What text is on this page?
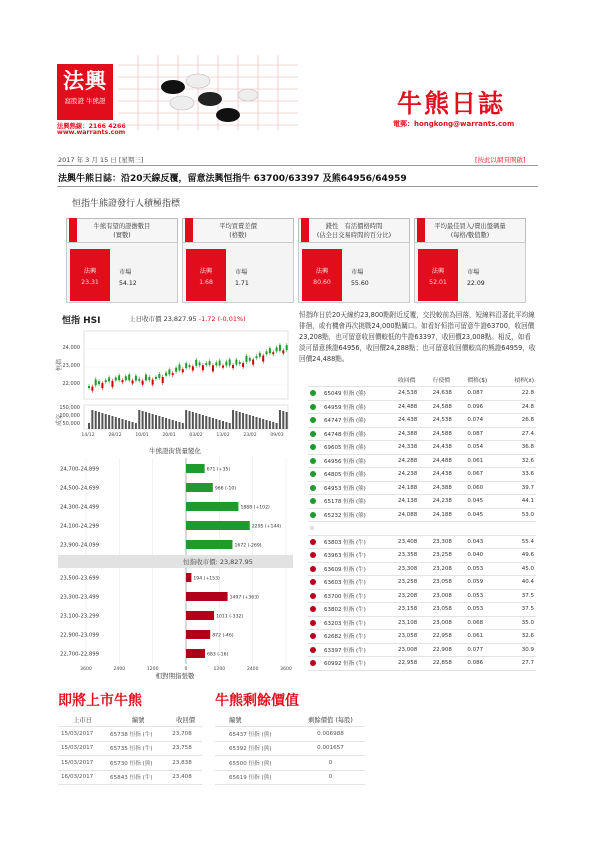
法興
窩股證 牛熊證
法興熱線：2166 4266
www.warrants.com
牛熊日誌
電郵：hongkong@warrants.com
2017 年 3 月 15 日 [星期三]	[按此以網頁開啟]
法興牛熊日誌：沿20天線反覆，留意法興恒指牛 63700/63397 及熊64956/64959
恒指牛熊證發行人積極指標
牛熊有望的證擔數目
(實數)
法興
23.31
市場
54.12
平均買賣差價
(格數)
法興
1.68
市場
1.71
錢性　有活價格時間
(佔全日交易時間的百分比)
法興
80.60
市場
55.60
平均最佳買入/賣出盤碼量
(每格/數值數)
法興
52.01
市場
22.09
恒指 HSI	上日收市價 23,827.95 -1.72 (-0.01%)
24,000
23,000
22,000
恒指
150,000
100,000
50,000
成交
14/12	28/12	10/01	20/01	03/02	13/02	23/02	09/03
牛熊證街貨量變化
671 (+35)
24,700-24,899
966 (-10)
24,500-24,699
1888 (+102)
24,300-24,499
2295 (+144)
24,100-24,299
1672 (-269)
23,900-24,099
194 (+153)
23,500-23,699
1497 (+363)
23,300-23,499
1011 (-332)
23,100-23,299
872 (-46)
22,900-23,099
683 (-16)
22,700-22,899
恒指收市價: 23,827.95
3600	2400	1200	0	1200	2400	3600
相對期指張數
恒指昨日於20天線約23,800點附近反覆，交投較前為回落，短線料沿著此平均線徘徊，或有機會再次挑戰24,000點關口。如看好恒指可留意牛證63700，收回價23,208點，也可留意收回價較低的牛證63397，收回價23,008點。相反，如看淡可留意熊證64956，收回價24,288點；也可留意收回價較高的熊證64959，收回價24,488點。
		收回價	行使價	價格($)	槓桿(x)
	65049 恒指 (熊)	24,538	24,638	0.087	22.8
	64959 恒指 (熊)	24,488	24,588	0.096	24.8
	64747 恒指 (熊)	24,438	24,538	0.074	26.8
	64748 恒指 (熊)	24,388	24,588	0.087	27.4
	69605 恒指 (熊)	24,338	24,438	0.054	36.8
	64956 恒指 (熊)	24,288	24,488	0.061	32.6
	64805 恒指 (熊)	24,238	24,438	0.067	33.6
	64953 恒指 (熊)	24,188	24,388	0.060	39.7
	65178 恒指 (熊)	24,138	24,238	0.045	44.1
	65232 恒指 (熊)	24,088	24,188	0.045	53.0

	63803 恒指 (牛)	23,408	23,308	0.043	55.4
	63963 恒指 (牛)	23,358	23,258	0.040	49.6
	63609 恒指 (牛)	23,308	23,208	0.053	45.0
	63603 恒指 (牛)	23,258	23,058	0.059	40.4
	63700 恒指 (牛)	23,208	23,008	0.053	37.5
	63802 恒指 (牛)	23,158	23,058	0.053	37.5
	63203 恒指 (牛)	23,108	23,008	0.068	35.0
	62682 恒指 (牛)	23,058	22,958	0.061	32.6
	63397 恒指 (牛)	23,008	22,908	0.077	30.9
	60992 恒指 (牛)	22,958	22,858	0.086	27.7
即將上市牛熊	牛熊剩餘價值
上市日	編號	收回價
15/03/2017	65738 恒指 (牛)	23,708
15/03/2017	65735 恒指 (牛)	23,758
15/03/2017	65730 恒指 (熊)	23,838
16/03/2017	65843 恒指 (牛)	23,408
編號	剩餘價值 (每股)
65437 恒指 (熊)	0.006988
65392 恒指 (熊)	0.001657
65500 恒指 (熊)	0
65619 恒指 (熊)	0
